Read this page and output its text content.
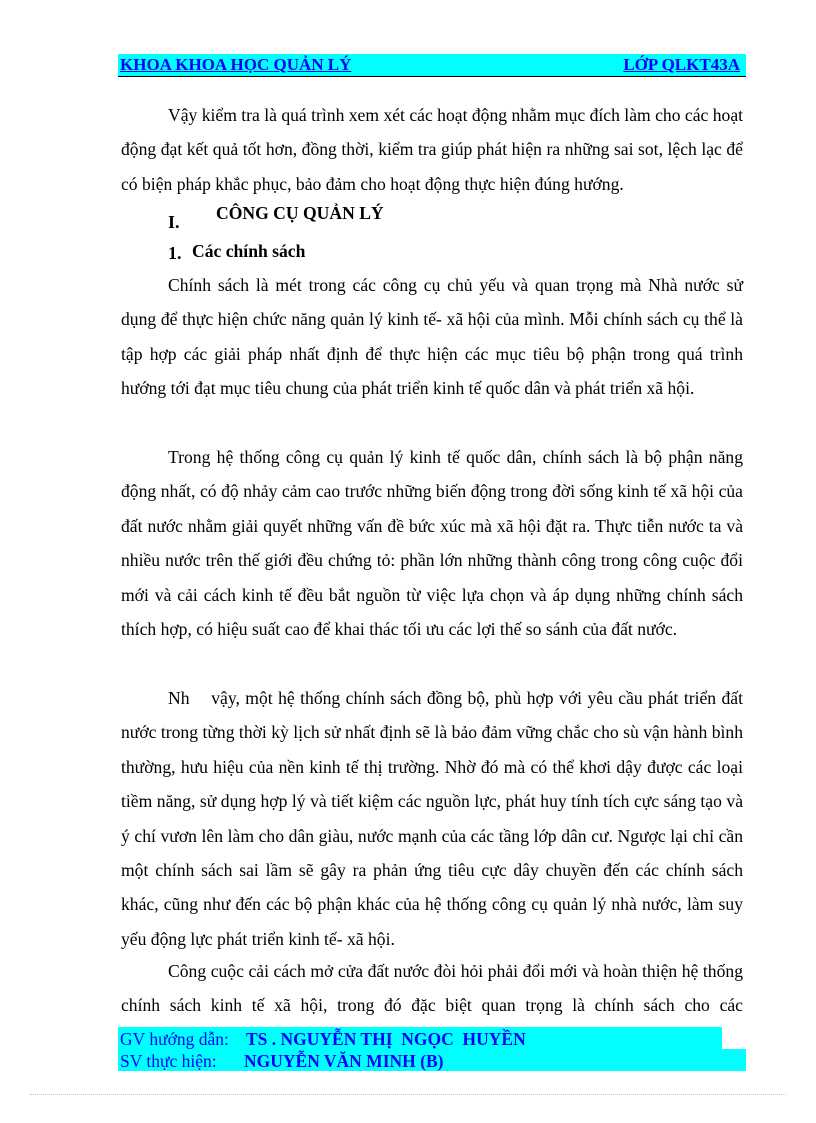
KHOA KHOA HỌC QUẢN LÝ	LỚP QLKT43A

Vậy kiểm tra là quá trình xem xét các hoạt động nhằm mục đích làm cho các hoạt động đạt kết quả tốt hơn, đồng thời, kiểm tra giúp phát hiện ra những sai sot, lệch lạc để có biện pháp khắc phục, bảo đảm cho hoạt động thực hiện đúng hướng.

I. CÔNG CỤ QUẢN LÝ
1. Các chính sách

Chính sách là mét trong các công cụ chủ yếu và quan trọng mà Nhà nước sử dụng để thực hiện chức năng quản lý kinh tế- xã hội của mình. Mỗi chính sách cụ thể là tập hợp các giải pháp nhất định để thực hiện các mục tiêu bộ phận trong quá trình hướng tới đạt mục tiêu chung của phát triển kinh tế quốc dân và phát triển xã hội.

Trong hệ thống công cụ quản lý kinh tế quốc dân, chính sách là bộ phận năng động nhất, có độ nhảy cảm cao trước những biến động trong đời sống kinh tế xã hội của đất nước nhằm giải quyết những vấn đề bức xúc mà xã hội đặt ra. Thực tiễn nước ta và nhiều nước trên thế giới đều chứng tỏ: phần lớn những thành công trong công cuộc đổi mới và cải cách kinh tế đều bắt nguồn từ việc lựa chọn và áp dụng những chính sách thích hợp, có hiệu suất cao để khai thác tối ưu các lợi thế so sánh của đất nước.

Nh    vậy, một hệ thống chính sách đồng bộ, phù hợp với yêu cầu phát triển đất nước trong từng thời kỳ lịch sử nhất định sẽ là bảo đảm vững chắc cho sù vận hành bình thường, hưu hiệu của nền kinh tế thị trường. Nhờ đó mà có thể khơi dậy được các loại tiềm năng, sử dụng hợp lý và tiết kiệm các nguồn lực, phát huy tính tích cực sáng tạo và ý chí vươn lên làm cho dân giàu, nước mạnh của các tầng lớp dân cư. Ngược lại chỉ cần một chính sách sai lầm sẽ gây ra phản ứng tiêu cực dây chuyền đến các chính sách khác, cũng như đến các bộ phận khác của hệ thống công cụ quản lý nhà nước, làm suy yếu động lực phát triển kinh tế- xã hội.

Công cuộc cải cách mở cửa đất nước đòi hỏi phải đổi mới và hoàn thiện hệ thống chính sách kinh tế xã hội, trong đó đặc biệt quan trọng là chính sách cho các

GV hướng dẫn: TS . NGUYỄN THỊ  NGỌC  HUYỀN
SV thực hiện: NGUYỄN VĂN MINH (B)
